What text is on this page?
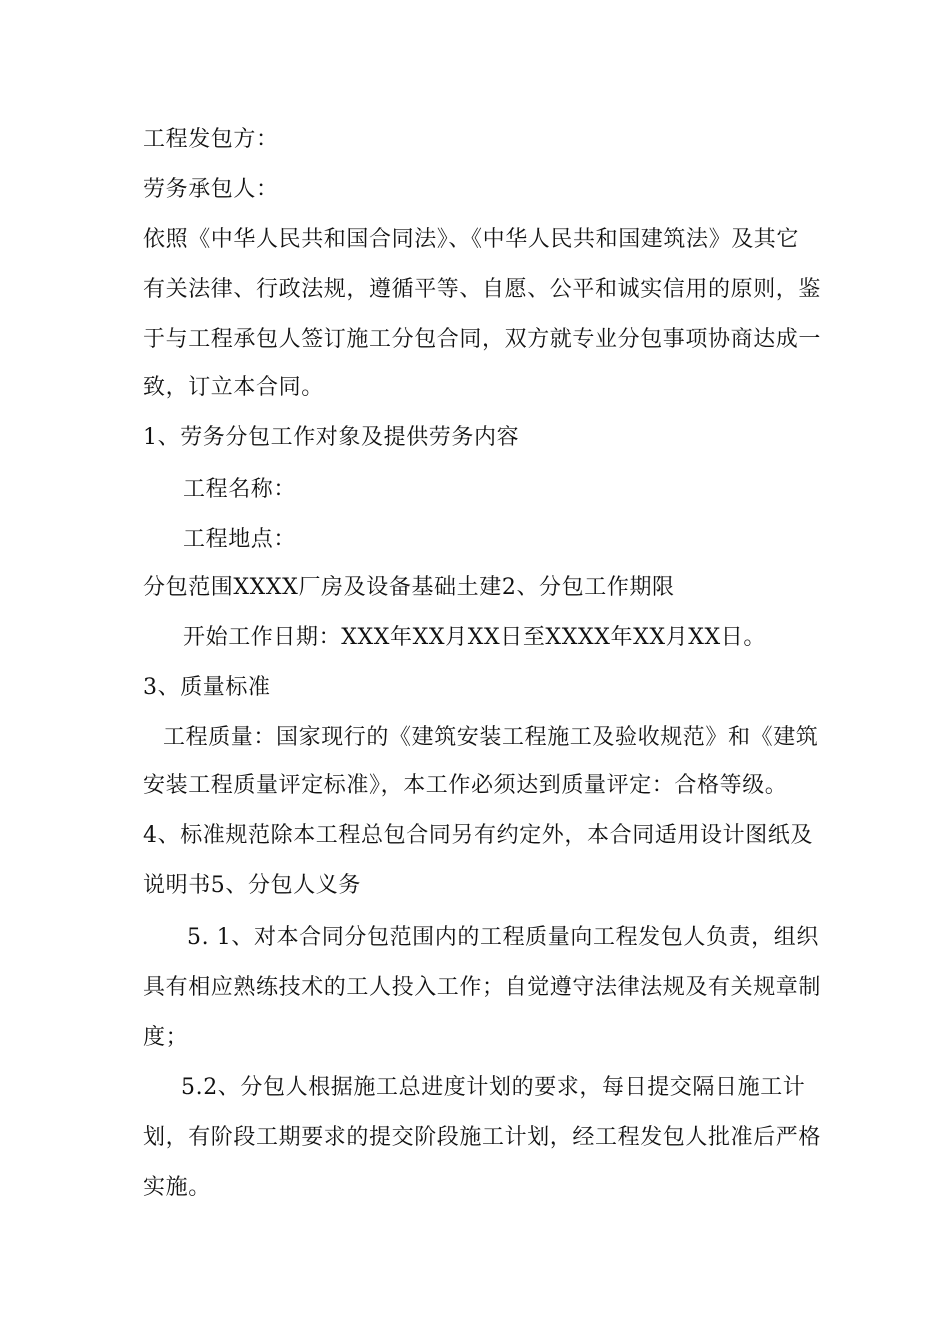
工程发包方：
劳务承包人：
依照《中华人民共和国合同法》、《中华人民共和国建筑法》及其它
有关法律、行政法规，遵循平等、自愿、公平和诚实信用的原则，鉴
于与工程承包人签订施工分包合同，双方就专业分包事项协商达成一
致，订立本合同。
1、劳务分包工作对象及提供劳务内容
工程名称：
工程地点：
分包范围XXXX厂房及设备基础土建2、分包工作期限
开始工作日期：XXX年XX月XX日至XXXX年XX月XX日。
3、质量标准
工程质量：国家现行的《建筑安装工程施工及验收规范》和《建筑
安装工程质量评定标准》，本工作必须达到质量评定：合格等级。
4、标准规范除本工程总包合同另有约定外，本合同适用设计图纸及
说明书5、分包人义务
5. 1、对本合同分包范围内的工程质量向工程发包人负责，组织
具有相应熟练技术的工人投入工作；自觉遵守法律法规及有关规章制
度；
5.2、分包人根据施工总进度计划的要求，每日提交隔日施工计
划，有阶段工期要求的提交阶段施工计划，经工程发包人批准后严格
实施。
